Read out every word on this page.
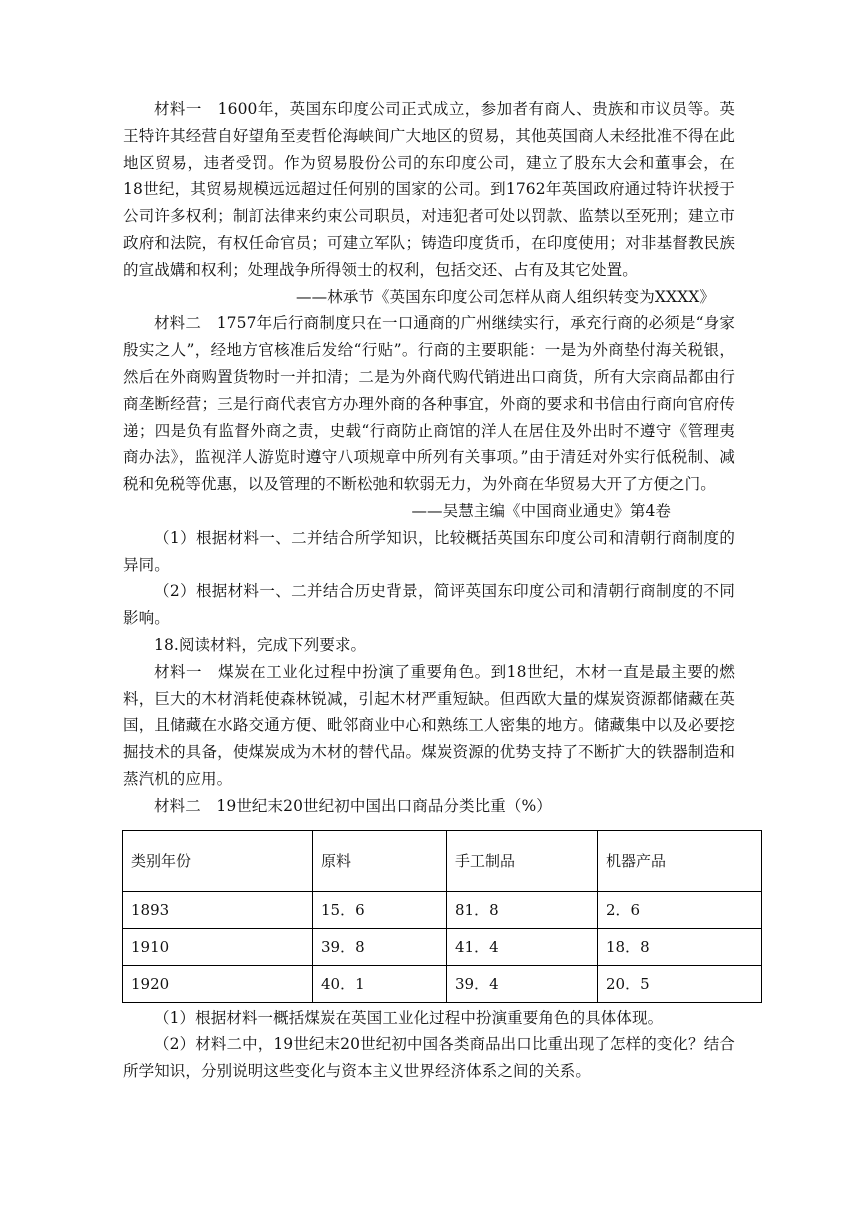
材料一　1600年，英国东印度公司正式成立，参加者有商人、贵族和市议员等。英王特许其经营自好望角至麦哲伦海峡间广大地区的贸易，其他英国商人未经批准不得在此地区贸易，违者受罚。作为贸易股份公司的东印度公司，建立了股东大会和董事会，在18世纪，其贸易规模远远超过任何别的国家的公司。到1762年英国政府通过特许状授于公司许多权利；制訂法律来约束公司职员，对违犯者可处以罚款、监禁以至死刑；建立市政府和法院，有权任命官员；可建立军队；铸造印度货币，在印度使用；对非基督教民族的宣战媾和权利；处理战争所得领士的权利，包括交还、占有及其它处置。

——林承节《英国东印度公司怎样从商人组织转变为XXXX》

材料二　1757年后行商制度只在一口通商的广州继续实行，承充行商的必须是“身家殷实之人”，经地方官核准后发给“行贴”。行商的主要职能：一是为外商垫付海关税银，然后在外商购置货物时一并扣清；二是为外商代购代销进出口商货，所有大宗商品都由行商垄断经营；三是行商代表官方办理外商的各种事宜，外商的要求和书信由行商向官府传递；四是负有监督外商之责，史载“行商防止商馆的洋人在居住及外出时不遵守《管理夷商办法》，监视洋人游览时遵守八项规章中所列有关事项。”由于清廷对外实行低税制、减税和免税等优惠，以及管理的不断松弛和软弱无力，为外商在华贸易大开了方便之门。

——吴慧主编《中国商业通史》第4卷

（1）根据材料一、二并结合所学知识，比较概括英国东印度公司和清朝行商制度的异同。

（2）根据材料一、二并结合历史背景，简评英国东印度公司和清朝行商制度的不同影响。

18.阅读材料，完成下列要求。

材料一　煤炭在工业化过程中扮演了重要角色。到18世纪，木材一直是最主要的燃料，巨大的木材消耗使森林锐减，引起木材严重短缺。但西欧大量的煤炭资源都储藏在英国，且储藏在水路交通方便、毗邻商业中心和熟练工人密集的地方。储藏集中以及必要挖掘技术的具备，使煤炭成为木材的替代品。煤炭资源的优势支持了不断扩大的铁器制造和蒸汽机的应用。

材料二　19世纪末20世纪初中国出口商品分类比重（%）

类别年份	原料	手工制品	机器产品
1893	15．6	81．8	2．6
1910	39．8	41．4	18．8
1920	40．1	39．4	20．5

（1）根据材料一概括煤炭在英国工业化过程中扮演重要角色的具体体现。

（2）材料二中，19世纪末20世纪初中国各类商品出口比重出现了怎样的变化？结合所学知识，分别说明这些变化与资本主义世界经济体系之间的关系。
